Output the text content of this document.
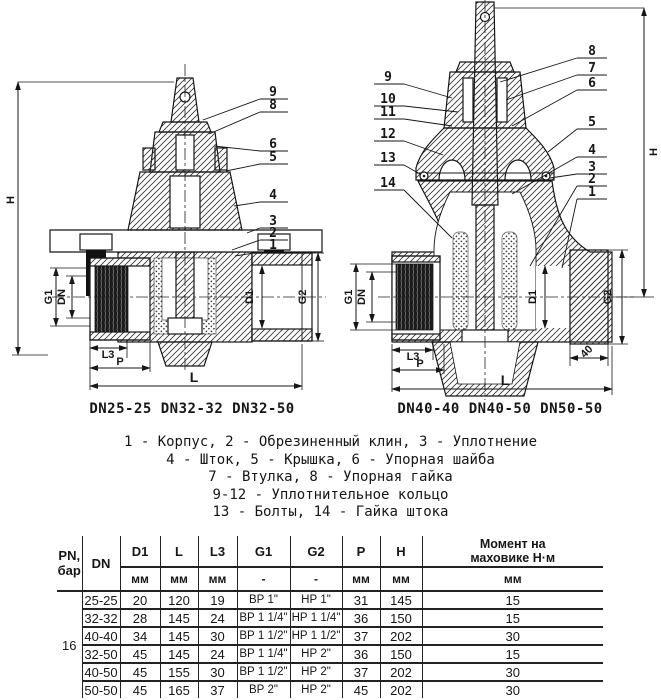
H
G1 DN	D1	G2
L3
P
L
9
8
6
5
4
3
2
1
H
G1 DN	D1	G2
40
L3
P
L
9
10
11
12
13
14
8
7
6
5
4
3
2
1
DN25-25 DN32-32 DN32-50	DN40-40 DN40-50 DN50-50
1 - Корпус, 2 - Обрезиненный клин, 3 - Уплотнение
4 - Шток, 5 - Крышка, 6 - Упорная шайба
7 - Втулка, 8 - Упорная гайка
9-12 - Уплотнительное кольцо
13 - Болты, 14 - Гайка штока
PN,
бар	DN	D1	L	L3	G1	G2	P	H	Момент на
маховике Н·м
		мм	мм	мм	-	-	мм	мм	мм
16	25-25	20	120	19	ВР 1"	НР 1"	31	145	15
	32-32	28	145	24	ВР 1 1/4"	НР 1 1/4"	36	150	15
	40-40	34	145	30	ВР 1 1/2"	НР 1 1/2"	37	202	30
	32-50	45	145	24	ВР 1 1/4"	НР 2"	36	150	15
	40-50	45	155	30	ВР 1 1/2"	НР 2"	37	202	30
	50-50	45	165	37	ВР 2"	НР 2"	45	202	30
